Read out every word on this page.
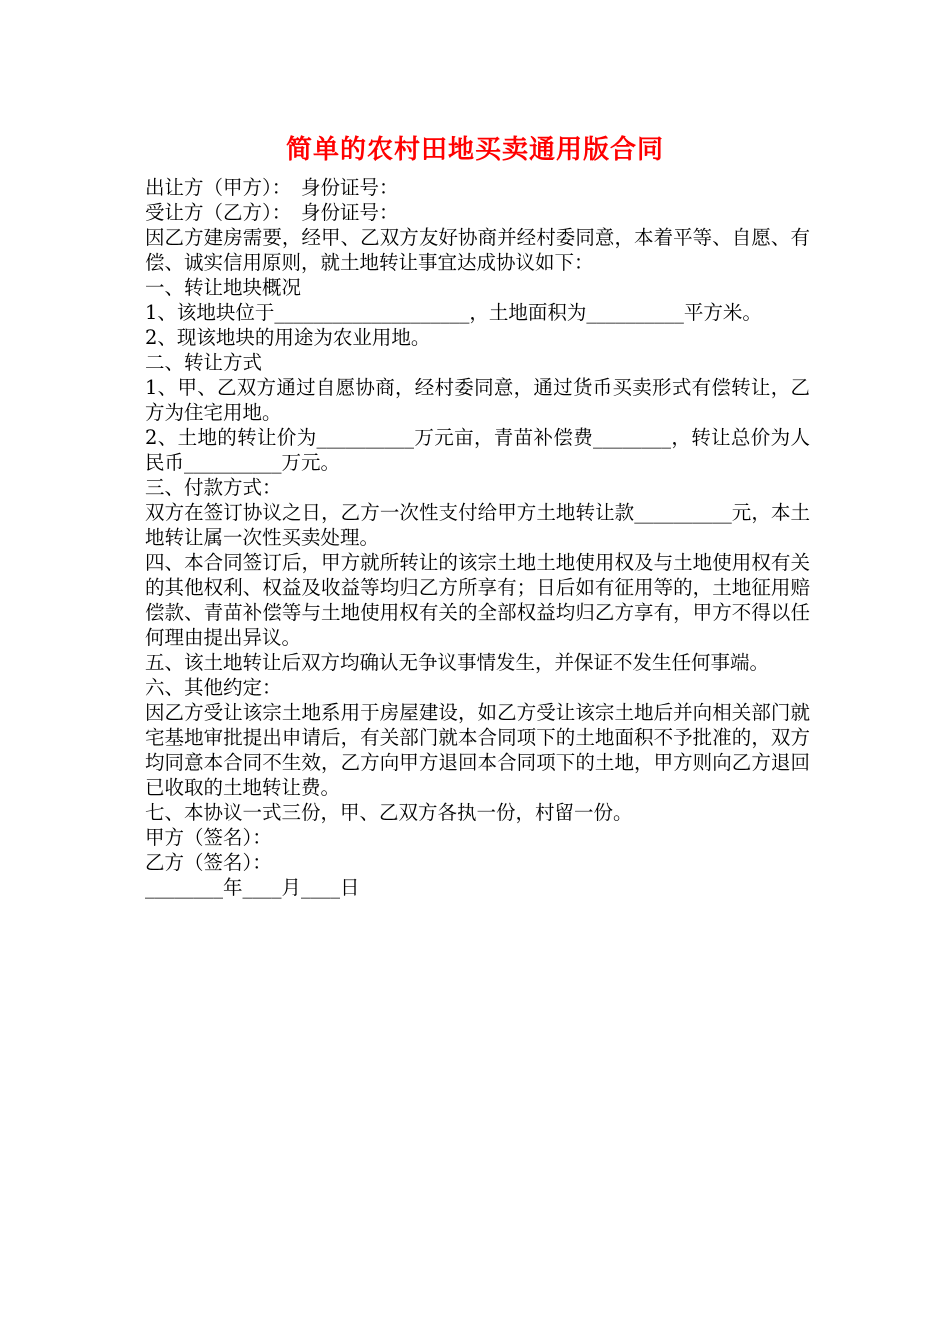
简单的农村田地买卖通用版合同

出让方（甲方）：　身份证号：

受让方（乙方）：　身份证号：

因乙方建房需要，经甲、乙双方友好协商并经村委同意，本着平等、自愿、有偿、诚实信用原则，就土地转让事宜达成协议如下：

一、转让地块概况

1、该地块位于____________________，土地面积为__________平方米。

2、现该地块的用途为农业用地。

二、转让方式

1、甲、乙双方通过自愿协商，经村委同意，通过货币买卖形式有偿转让，乙方为住宅用地。

2、土地的转让价为__________万元亩，青苗补偿费________，转让总价为人民币__________万元。

三、付款方式：

双方在签订协议之日，乙方一次性支付给甲方土地转让款__________元，本土地转让属一次性买卖处理。

四、本合同签订后，甲方就所转让的该宗土地土地使用权及与土地使用权有关的其他权利、权益及收益等均归乙方所享有；日后如有征用等的，土地征用赔偿款、青苗补偿等与土地使用权有关的全部权益均归乙方享有，甲方不得以任何理由提出异议。

五、该土地转让后双方均确认无争议事情发生，并保证不发生任何事端。

六、其他约定：

因乙方受让该宗土地系用于房屋建设，如乙方受让该宗土地后并向相关部门就宅基地审批提出申请后，有关部门就本合同项下的土地面积不予批准的，双方均同意本合同不生效，乙方向甲方退回本合同项下的土地，甲方则向乙方退回已收取的土地转让费。

七、本协议一式三份，甲、乙双方各执一份，村留一份。

甲方（签名）：

乙方（签名）：

________年____月____日
